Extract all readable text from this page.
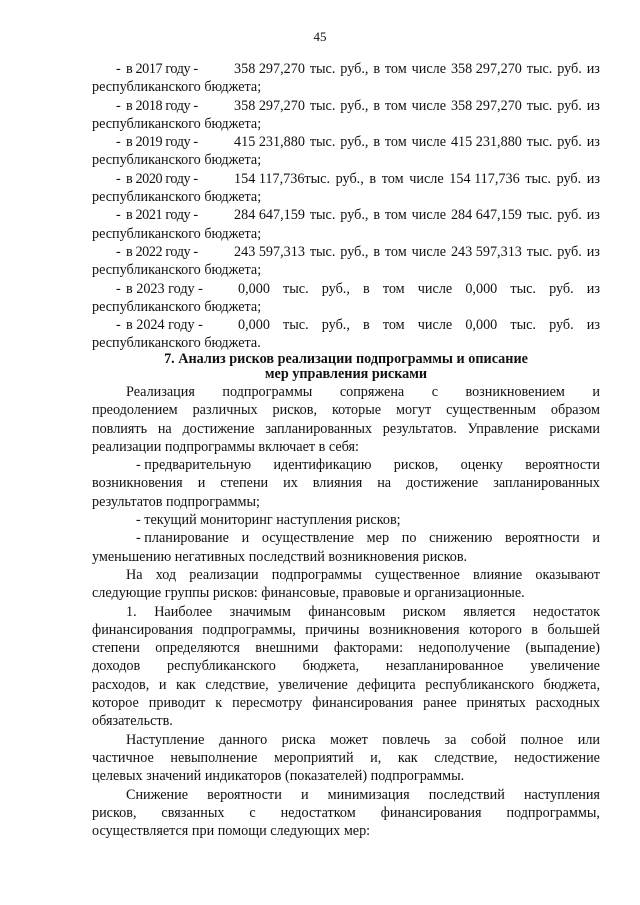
45
- в 2017 году -	358 297,270 тыс. руб., в том числе 358 297,270 тыс. руб. из
республиканского бюджета;
- в 2018 году -	358 297,270 тыс. руб., в том числе 358 297,270 тыс. руб. из
республиканского бюджета;
- в 2019 году -	415 231,880 тыс. руб., в том числе 415 231,880 тыс. руб. из
республиканского бюджета;
- в 2020 году -	154 117,736тыс. руб., в том числе 154 117,736 тыс. руб. из
республиканского бюджета;
- в 2021 году -	284 647,159 тыс. руб., в том числе 284 647,159 тыс. руб. из
республиканского бюджета;
- в 2022 году -	243 597,313 тыс. руб., в том числе 243 597,313 тыс. руб. из
республиканского бюджета;
- в 2023 году -	0,000 тыс. руб., в том числе 0,000 тыс. руб. из
республиканского бюджета;
- в 2024 году -	0,000 тыс. руб., в том числе 0,000 тыс. руб. из
республиканского бюджета.
7. Анализ рисков реализации подпрограммы и описание
мер управления рисками
Реализация подпрограммы сопряжена с возникновением и
преодолением различных рисков, которые могут существенным образом
повлиять на достижение запланированных результатов. Управление рисками
реализации подпрограммы включает в себя:
- предварительную идентификацию рисков, оценку вероятности
возникновения и степени их влияния на достижение запланированных
результатов подпрограммы;
- текущий мониторинг наступления рисков;
- планирование и осуществление мер по снижению вероятности и
уменьшению негативных последствий возникновения рисков.
На ход реализации подпрограммы существенное влияние оказывают
следующие группы рисков: финансовые, правовые и организационные.
1. Наиболее значимым финансовым риском является недостаток
финансирования подпрограммы, причины возникновения которого в большей
степени определяются внешними факторами: недополучение (выпадение)
доходов республиканского бюджета, незапланированное увеличение
расходов, и как следствие, увеличение дефицита республиканского бюджета,
которое приводит к пересмотру финансирования ранее принятых расходных
обязательств.
Наступление данного риска может повлечь за собой полное или
частичное невыполнение мероприятий и, как следствие, недостижение
целевых значений индикаторов (показателей) подпрограммы.
Снижение вероятности и минимизация последствий наступления
рисков, связанных с недостатком финансирования подпрограммы,
осуществляется при помощи следующих мер:
